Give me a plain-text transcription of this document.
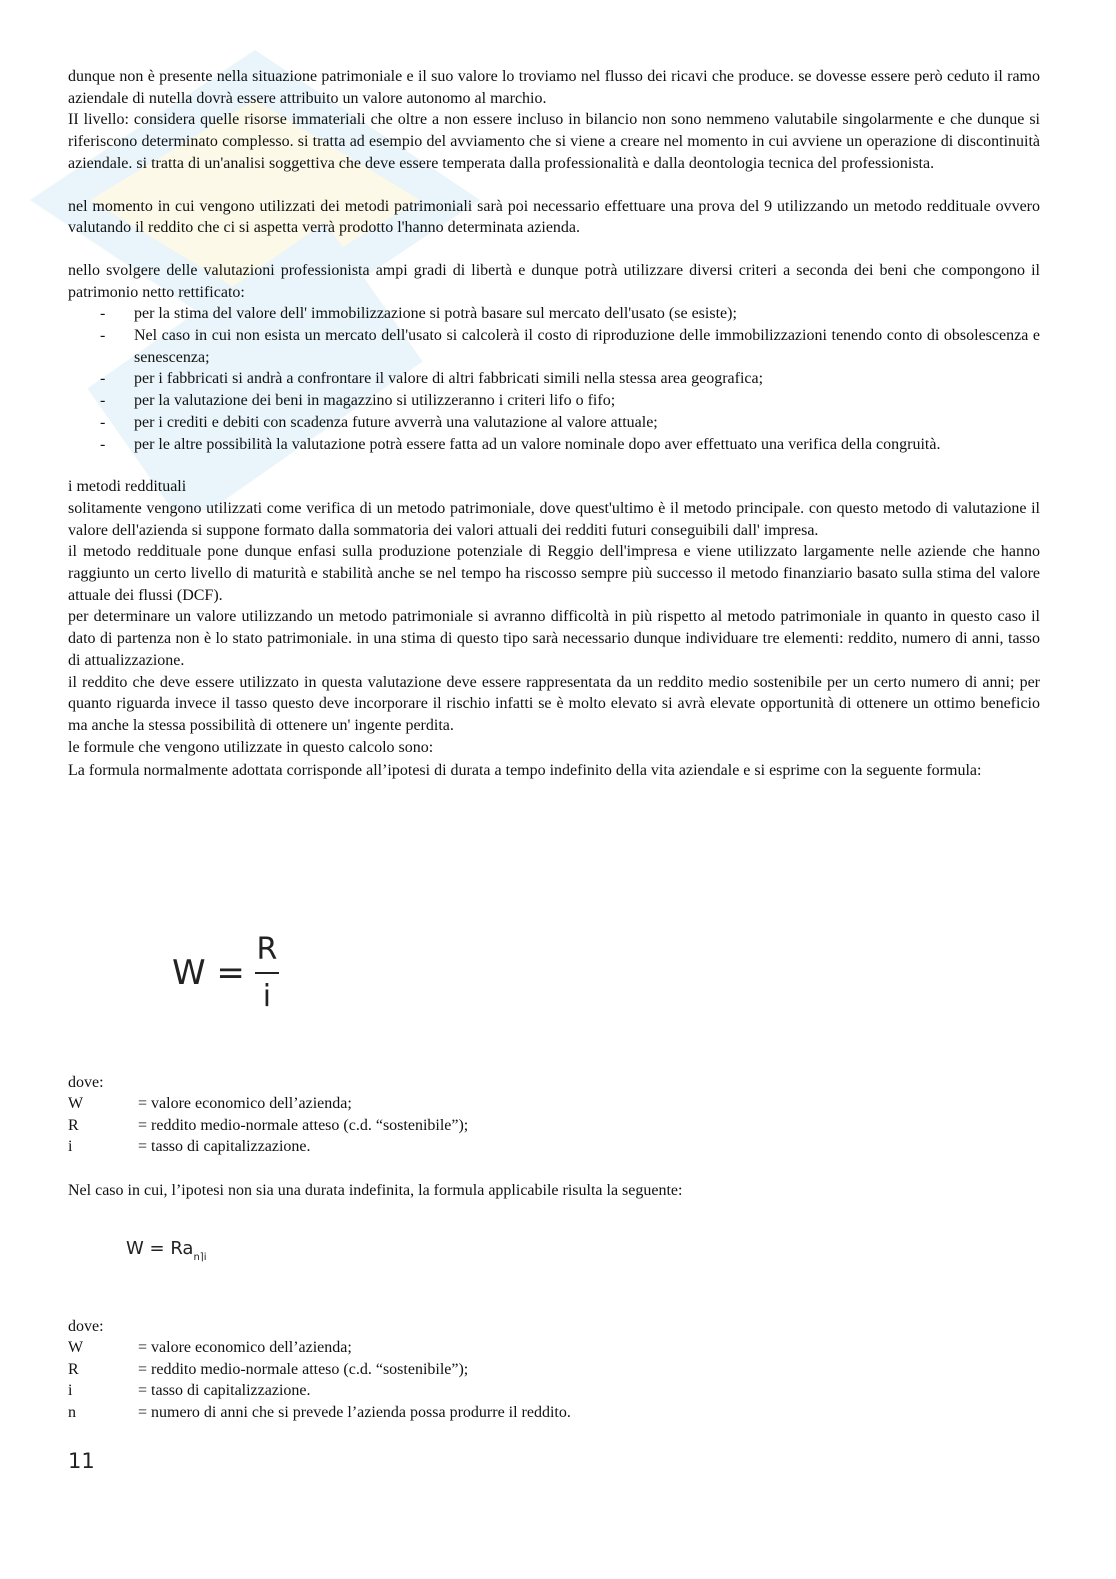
dunque non è presente nella situazione patrimoniale e il suo valore lo troviamo nel flusso dei ricavi che produce. se dovesse essere però ceduto il ramo aziendale di nutella dovrà essere attribuito un valore autonomo al marchio.

II livello: considera quelle risorse immateriali che oltre a non essere incluso in bilancio non sono nemmeno valutabile singolarmente e che dunque si riferiscono determinato complesso. si tratta ad esempio del avviamento che si viene a creare nel momento in cui avviene un operazione di discontinuità aziendale. si tratta di un'analisi soggettiva che deve essere temperata dalla professionalità e dalla deontologia tecnica del professionista.

nel momento in cui vengono utilizzati dei metodi patrimoniali sarà poi necessario effettuare una prova del 9 utilizzando un metodo reddituale ovvero valutando il reddito che ci si aspetta verrà prodotto l'hanno determinata azienda.

nello svolgere delle valutazioni professionista ampi gradi di libertà e dunque potrà utilizzare diversi criteri a seconda dei beni che compongono il patrimonio netto rettificato:

- per la stima del valore dell' immobilizzazione si potrà basare sul mercato dell'usato (se esiste);
- Nel caso in cui non esista un mercato dell'usato si calcolerà il costo di riproduzione delle immobilizzazioni tenendo conto di obsolescenza e senescenza;
- per i fabbricati si andrà a confrontare il valore di altri fabbricati simili nella stessa area geografica;
- per la valutazione dei beni in magazzino si utilizzeranno i criteri lifo o fifo;
- per i crediti e debiti con scadenza future avverrà una valutazione al valore attuale;
- per le altre possibilità la valutazione potrà essere fatta ad un valore nominale dopo aver effettuato una verifica della congruità.

i metodi reddituali

solitamente vengono utilizzati come verifica di un metodo patrimoniale, dove quest'ultimo è il metodo principale. con questo metodo di valutazione il valore dell'azienda si suppone formato dalla sommatoria dei valori attuali dei redditi futuri conseguibili dall' impresa.

il metodo reddituale pone dunque enfasi sulla produzione potenziale di Reggio dell'impresa e viene utilizzato largamente nelle aziende che hanno raggiunto un certo livello di maturità e stabilità anche se nel tempo ha riscosso sempre più successo il metodo finanziario basato sulla stima del valore attuale dei flussi (DCF).

per determinare un valore utilizzando un metodo patrimoniale si avranno difficoltà in più rispetto al metodo patrimoniale in quanto in questo caso il dato di partenza non è lo stato patrimoniale. in una stima di questo tipo sarà necessario dunque individuare tre elementi: reddito, numero di anni, tasso di attualizzazione.

il reddito che deve essere utilizzato in questa valutazione deve essere rappresentata da un reddito medio sostenibile per un certo numero di anni; per quanto riguarda invece il tasso questo deve incorporare il rischio infatti se è molto elevato si avrà elevate opportunità di ottenere un ottimo beneficio ma anche la stessa possibilità di ottenere un' ingente perdita.

le formule che vengono utilizzate in questo calcolo sono:

La formula normalmente adottata corrisponde all’ipotesi di durata a tempo indefinito della vita aziendale e si esprime con la seguente formula:

$W = \frac{R}{i}$
dove:
W	= valore economico dell’azienda;
R	= reddito medio-normale atteso (c.d. “sostenibile”);
i	= tasso di capitalizzazione.
Nel caso in cui, l’ipotesi non sia una durata indefinita, la formula applicabile risulta la seguente:
$W = Ra_{n⌉i}$
dove:
W	= valore economico dell’azienda;
R	= reddito medio-normale atteso (c.d. “sostenibile”);
i	= tasso di capitalizzazione.
n	= numero di anni che si prevede l’azienda possa produrre il reddito.
11
